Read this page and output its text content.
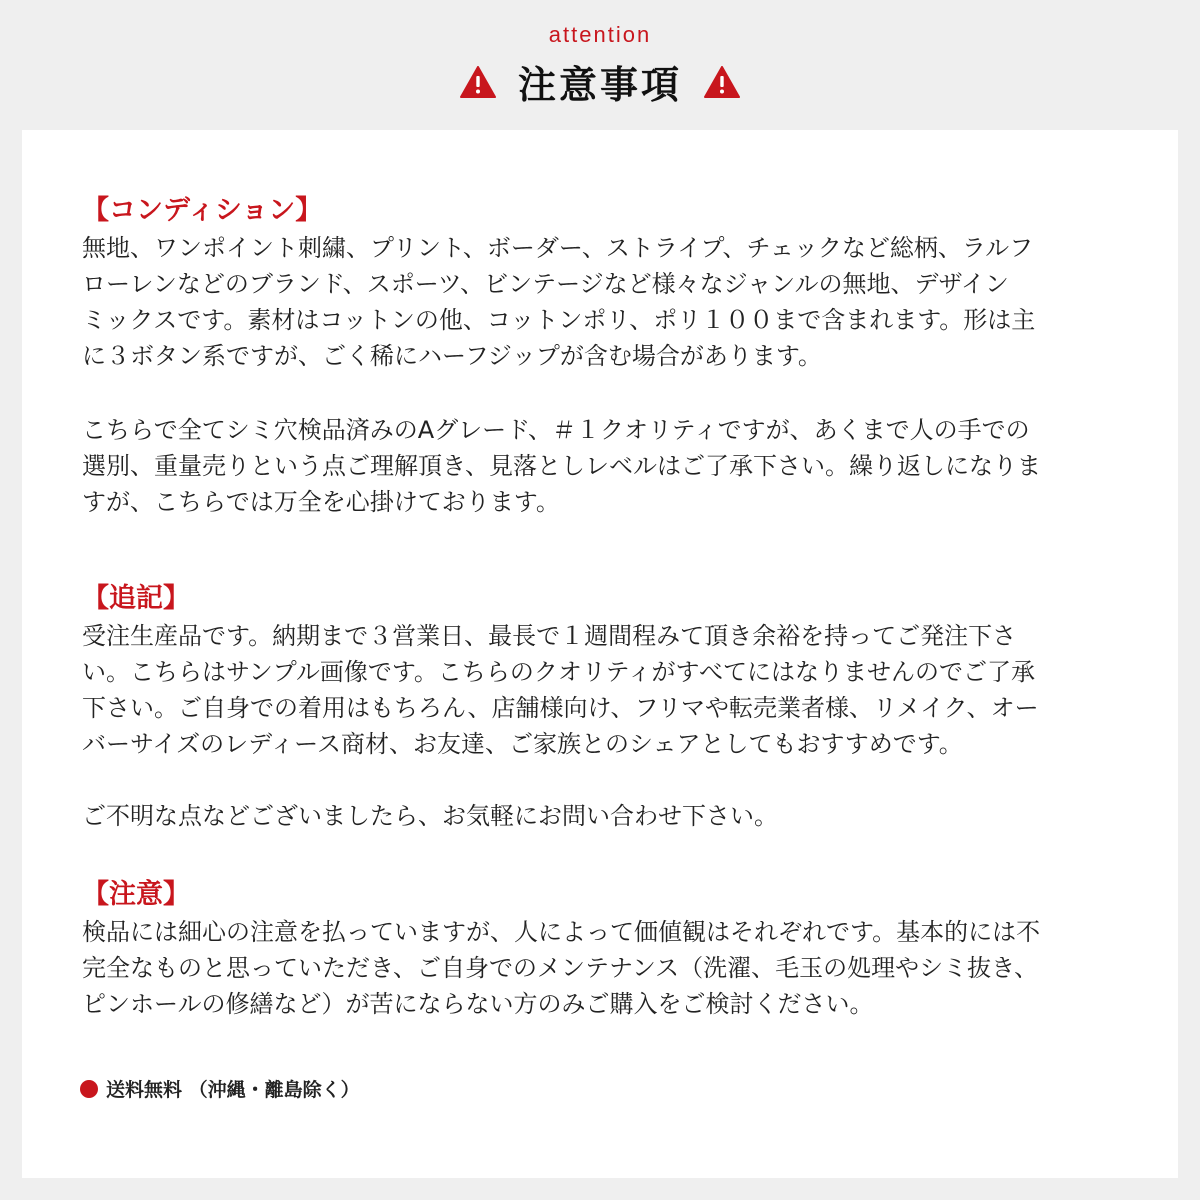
attention
注意事項
【コンディション】
無地、ワンポイント刺繍、プリント、ボーダー、ストライプ、チェックなど総柄、ラルフ
ローレンなどのブランド、スポーツ、ビンテージなど様々なジャンルの無地、デザイン
ミックスです。素材はコットンの他、コットンポリ、ポリ１００まで含まれます。形は主
に３ボタン系ですが、ごく稀にハーフジップが含む場合があります。
こちらで全てシミ穴検品済みのAグレード、＃１クオリティですが、あくまで人の手での
選別、重量売りという点ご理解頂き、見落としレベルはご了承下さい。繰り返しになりま
すが、こちらでは万全を心掛けております。
【追記】
受注生産品です。納期まで３営業日、最長で１週間程みて頂き余裕を持ってご発注下さ
い。こちらはサンプル画像です。こちらのクオリティがすべてにはなりませんのでご了承
下さい。ご自身での着用はもちろん、店舗様向け、フリマや転売業者様、リメイク、オー
バーサイズのレディース商材、お友達、ご家族とのシェアとしてもおすすめです。
ご不明な点などございましたら、お気軽にお問い合わせ下さい。
【注意】
検品には細心の注意を払っていますが、人によって価値観はそれぞれです。基本的には不
完全なものと思っていただき、ご自身でのメンテナンス（洗濯、毛玉の処理やシミ抜き、
ピンホールの修繕など）が苦にならない方のみご購入をご検討ください。
送料無料 （沖縄・離島除く）
